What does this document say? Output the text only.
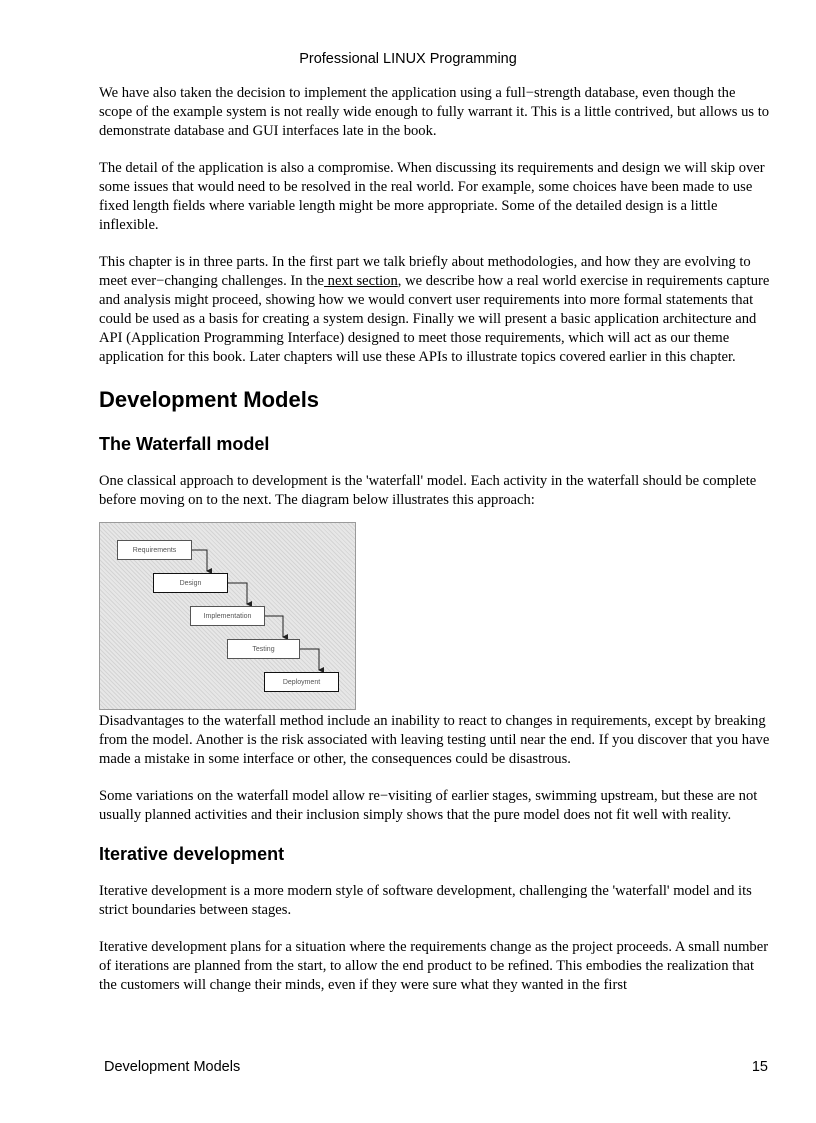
Professional LINUX Programming

We have also taken the decision to implement the application using a full−strength database, even though the scope of the example system is not really wide enough to fully warrant it. This is a little contrived, but allows us to demonstrate database and GUI interfaces late in the book.

The detail of the application is also a compromise. When discussing its requirements and design we will skip over some issues that would need to be resolved in the real world. For example, some choices have been made to use fixed length fields where variable length might be more appropriate. Some of the detailed design is a little inflexible.

This chapter is in three parts. In the first part we talk briefly about methodologies, and how they are evolving to meet ever−changing challenges. In the next section, we describe how a real world exercise in requirements capture and analysis might proceed, showing how we would convert user requirements into more formal statements that could be used as a basis for creating a system design. Finally we will present a basic application architecture and API (Application Programming Interface) designed to meet those requirements, which will act as our theme application for this book. Later chapters will use these APIs to illustrate topics covered earlier in this chapter.

Development Models
The Waterfall model

One classical approach to development is the 'waterfall' model. Each activity in the waterfall should be complete before moving on to the next. The diagram below illustrates this approach:

Requirements
Design
Implementation
Testing
Deployment

Disadvantages to the waterfall method include an inability to react to changes in requirements, except by breaking from the model. Another is the risk associated with leaving testing until near the end. If you discover that you have made a mistake in some interface or other, the consequences could be disastrous.

Some variations on the waterfall model allow re−visiting of earlier stages, swimming upstream, but these are not usually planned activities and their inclusion simply shows that the pure model does not fit well with reality.

Iterative development

Iterative development is a more modern style of software development, challenging the 'waterfall' model and its strict boundaries between stages.

Iterative development plans for a situation where the requirements change as the project proceeds. A small number of iterations are planned from the start, to allow the end product to be refined. This embodies the realization that the customers will change their minds, even if they were sure what they wanted in the first

Development Models	15
